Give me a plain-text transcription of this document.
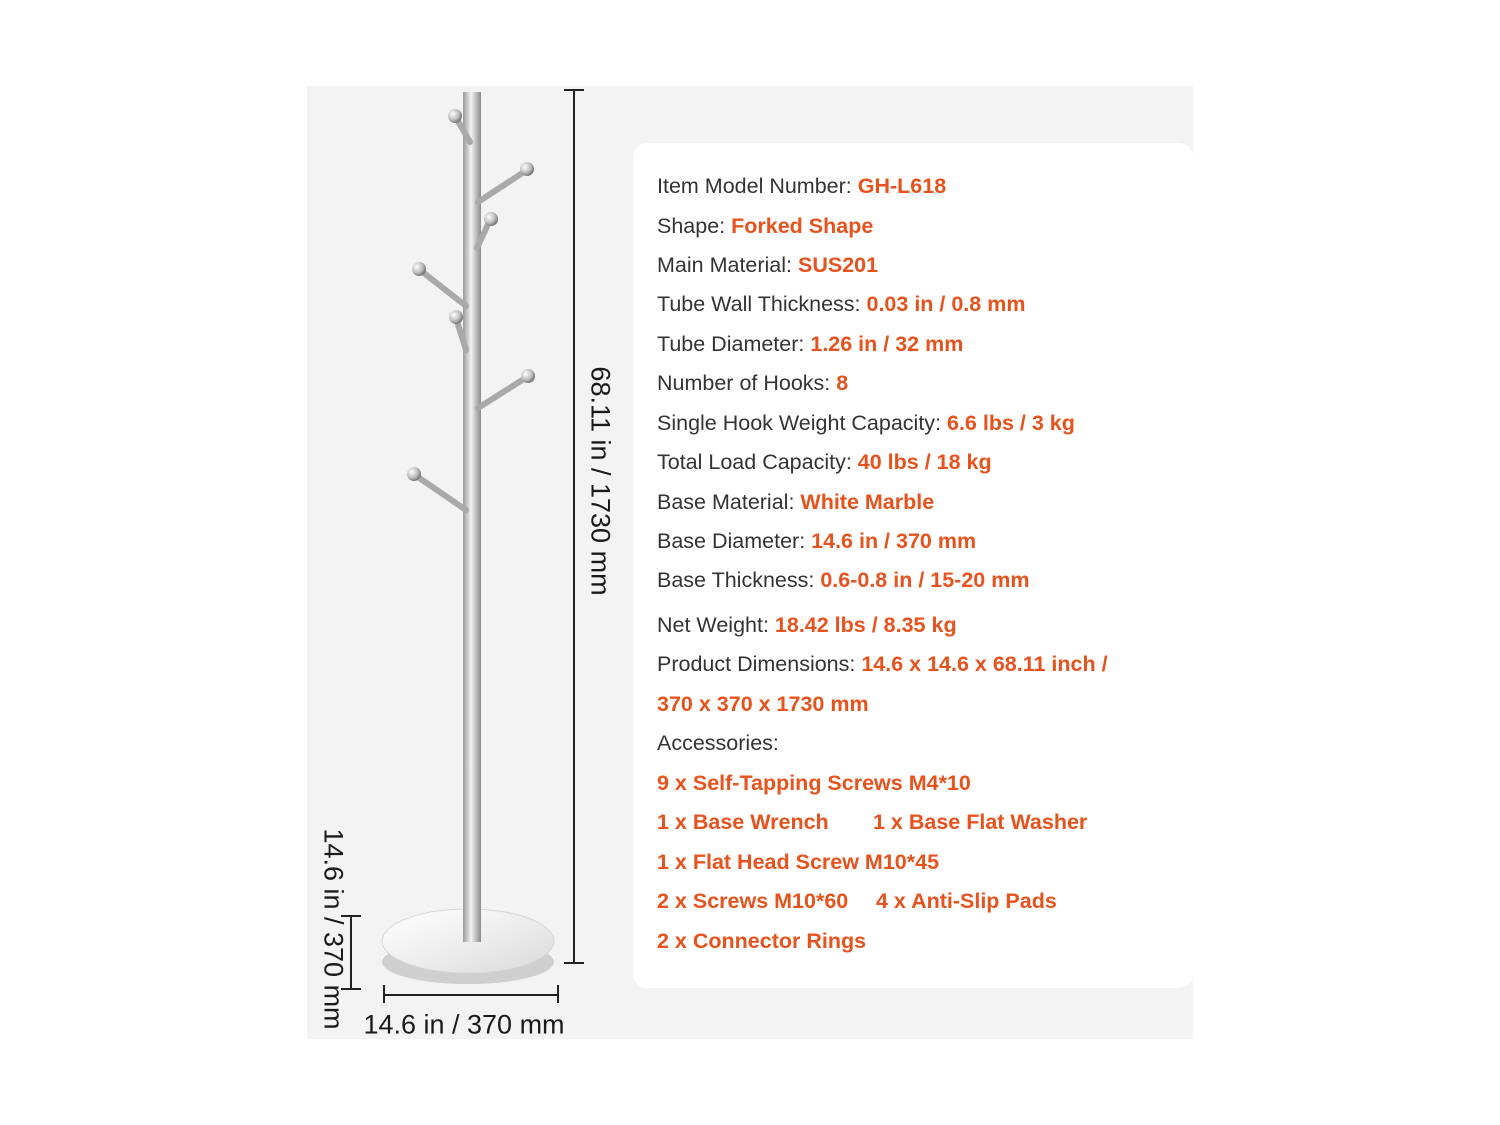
68.11 in / 1730 mm
14.6 in / 370 mm 14.6 in / 370 mm
Item Model Number: GH-L618
Shape: Forked Shape
Main Material: SUS201
Tube Wall Thickness: 0.03 in / 0.8 mm
Tube Diameter: 1.26 in / 32 mm
Number of Hooks: 8
Single Hook Weight Capacity: 6.6 lbs / 3 kg
Total Load Capacity: 40 lbs / 18 kg
Base Material: White Marble
Base Diameter: 14.6 in / 370 mm
Base Thickness: 0.6-0.8 in / 15-20 mm
Net Weight: 18.42 lbs / 8.35 kg
Product Dimensions: 14.6 x 14.6 x 68.11 inch /
370 x 370 x 1730 mm
Accessories:
9 x Self-Tapping Screws M4*10
1 x Base Wrench 1 x Base Flat Washer
1 x Flat Head Screw M10*45
2 x Screws M10*60 4 x Anti-Slip Pads
2 x Connector Rings
